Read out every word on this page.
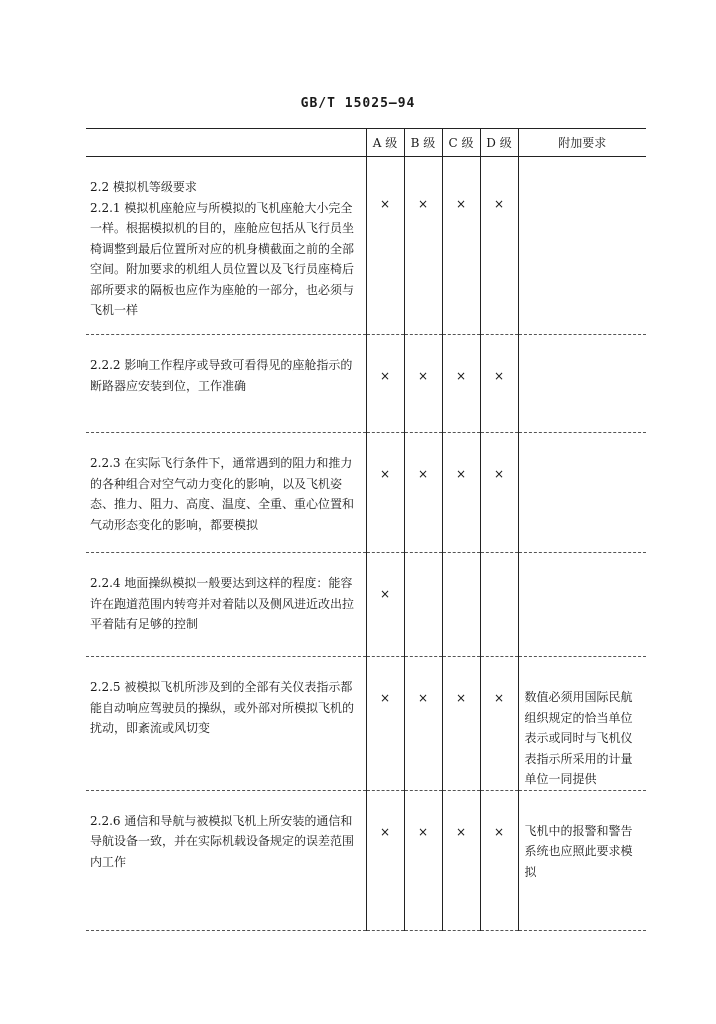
GB/T 15025—94
	A 级	B 级	C 级	D 级	附加要求

2.2 模拟机等级要求
2.2.1 模拟机座舱应与所模拟的飞机座舱大小完全一样。根据模拟机的目的，座舱应包括从飞行员坐椅调整到最后位置所对应的机身横截面之前的全部空间。附加要求的机组人员位置以及飞行员座椅后部所要求的隔板也应作为座舱的一部分，也必须与飞机一样	×	×	×	×	
2.2.2 影响工作程序或导致可看得见的座舱指示的断路器应安装到位，工作准确	×	×	×	×	
2.2.3 在实际飞行条件下，通常遇到的阻力和推力的各种组合对空气动力变化的影响，以及飞机姿态、推力、阻力、高度、温度、全重、重心位置和气动形态变化的影响，都要模拟	×	×	×	×	
2.2.4 地面操纵模拟一般要达到这样的程度：能容许在跑道范围内转弯并对着陆以及侧风进近改出拉平着陆有足够的控制	×				
2.2.5 被模拟飞机所涉及到的全部有关仪表指示都能自动响应驾驶员的操纵，或外部对所模拟飞机的扰动，即紊流或风切变	×	×	×	×	数值必须用国际民航组织规定的恰当单位表示或同时与飞机仪表指示所采用的计量单位一同提供
2.2.6 通信和导航与被模拟飞机上所安装的通信和导航设备一致，并在实际机载设备规定的误差范围内工作	×	×	×	×	飞机中的报警和警告系统也应照此要求模拟
